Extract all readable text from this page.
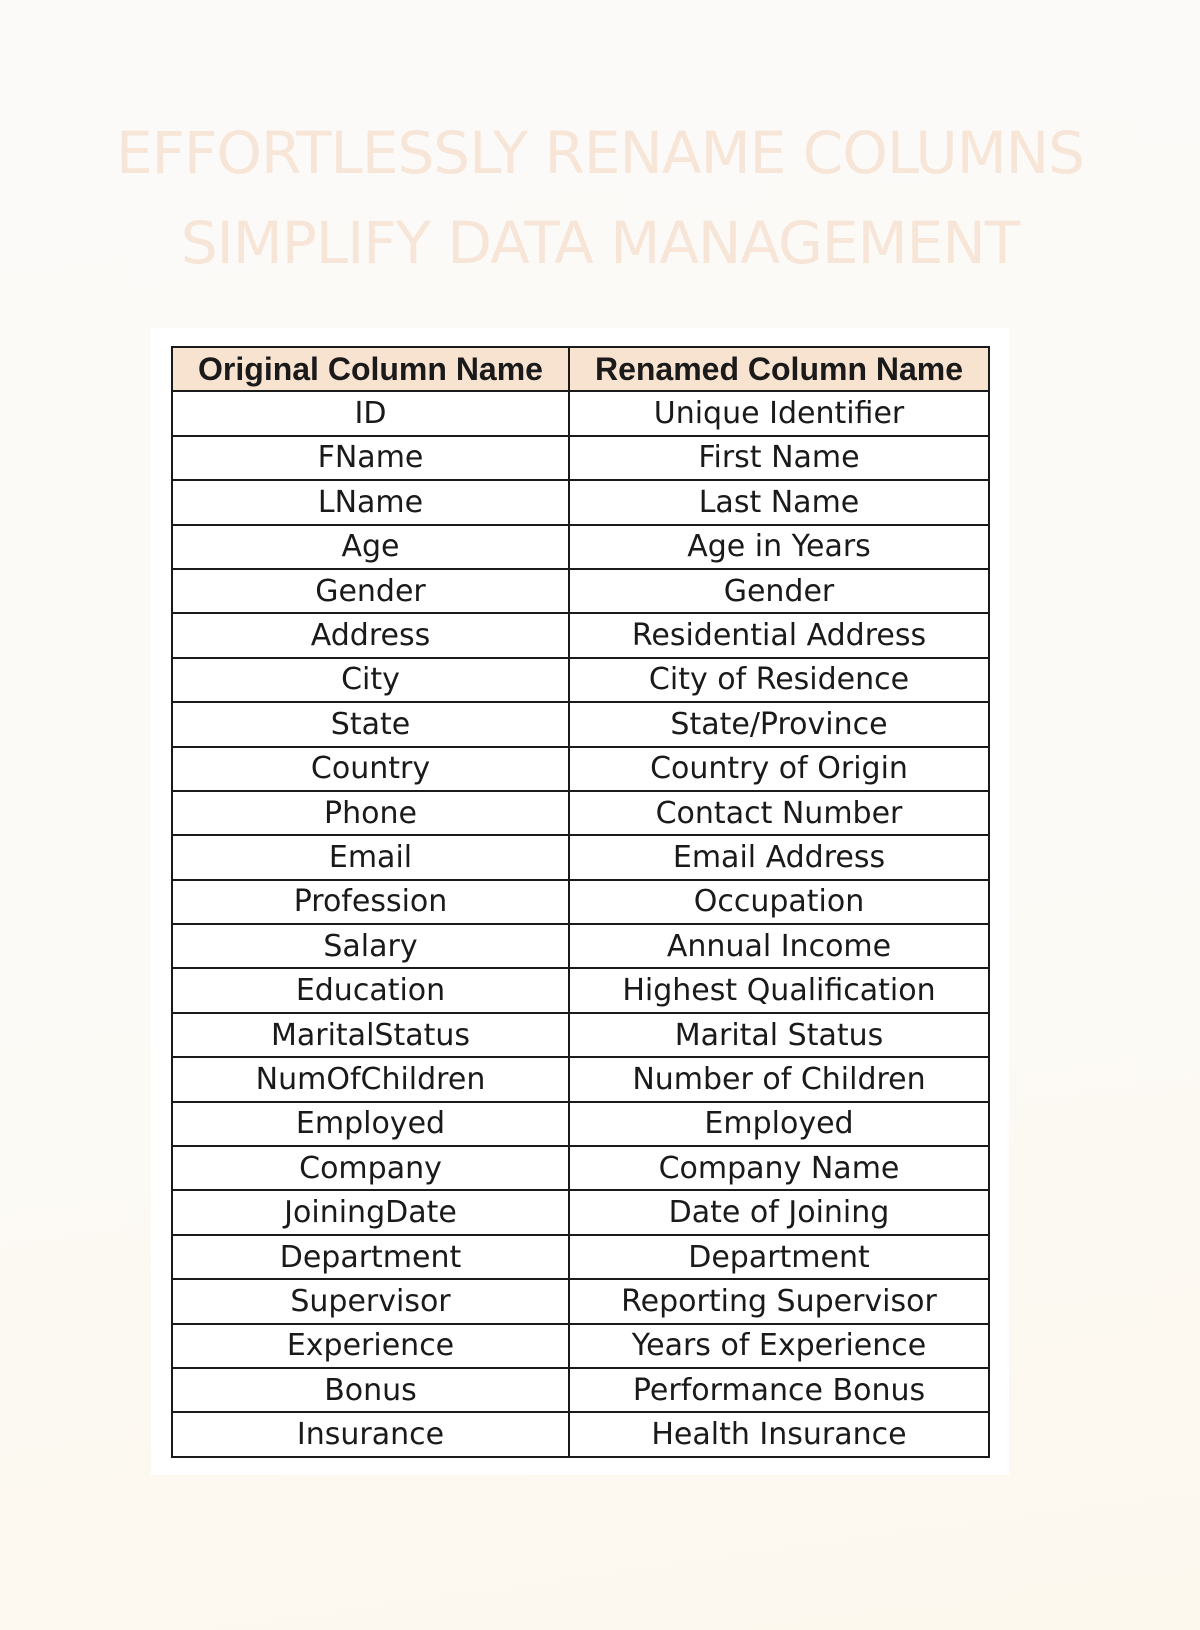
EFFORTLESSLY RENAME COLUMNS
SIMPLIFY DATA MANAGEMENT
Original Column Name	Renamed Column Name
ID	Unique Identifier
FName	First Name
LName	Last Name
Age	Age in Years
Gender	Gender
Address	Residential Address
City	City of Residence
State	State/Province
Country	Country of Origin
Phone	Contact Number
Email	Email Address
Profession	Occupation
Salary	Annual Income
Education	Highest Qualification
MaritalStatus	Marital Status
NumOfChildren	Number of Children
Employed	Employed
Company	Company Name
JoiningDate	Date of Joining
Department	Department
Supervisor	Reporting Supervisor
Experience	Years of Experience
Bonus	Performance Bonus
Insurance	Health Insurance
